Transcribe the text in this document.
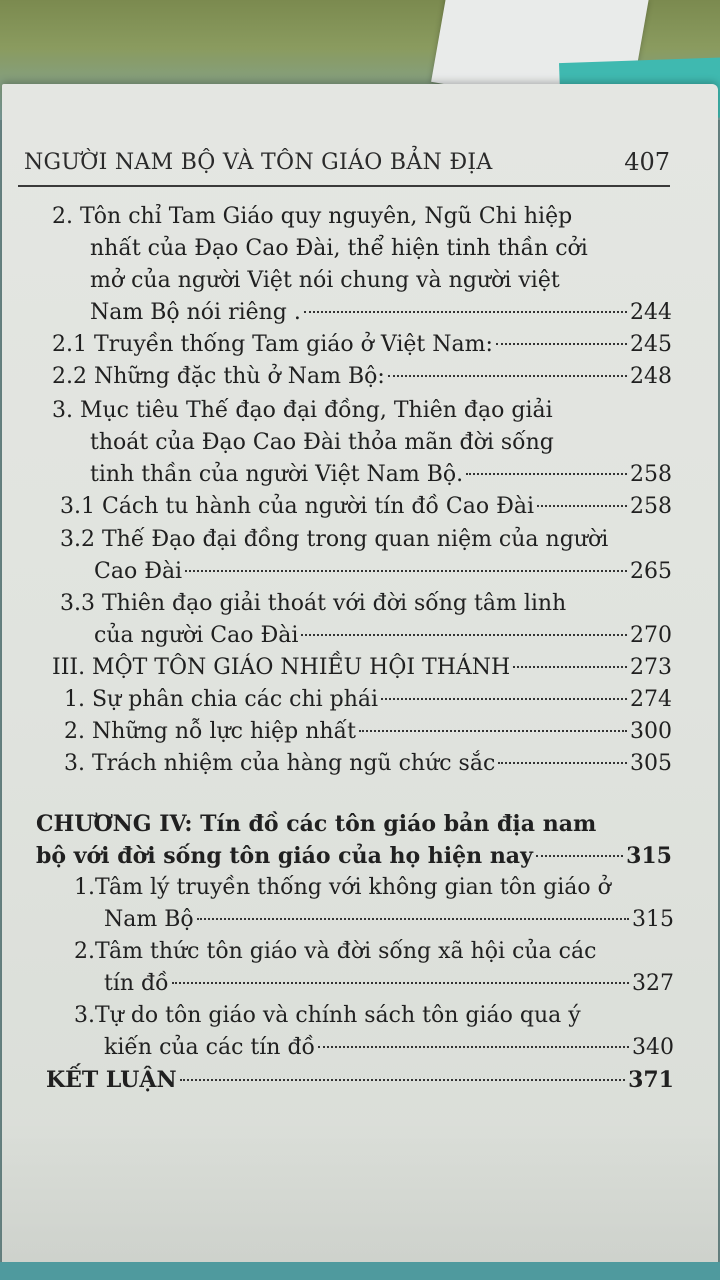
NGƯỜI NAM BỘ VÀ TÔN GIÁO BẢN ĐỊA	407
2. Tôn chỉ Tam Giáo quy nguyên, Ngũ Chi hiệp
nhất của Đạo Cao Đài, thể hiện tinh thần cởi
mở của người Việt nói chung và người việt
Nam Bộ nói riêng .	244
2.1 Truyền thống Tam giáo ở Việt Nam:	245
2.2 Những đặc thù ở Nam Bộ:	248
3. Mục tiêu Thế đạo đại đồng, Thiên đạo giải
thoát của Đạo Cao Đài thỏa mãn đời sống
tinh thần của người Việt Nam Bộ.	258
3.1 Cách tu hành của người tín đồ Cao Đài	258
3.2 Thế Đạo đại đồng trong quan niệm của người
Cao Đài	265
3.3 Thiên đạo giải thoát với đời sống tâm linh
của người Cao Đài	270
III. MỘT TÔN GIÁO NHIỀU HỘI THÁNH	273
1. Sự phân chia các chi phái	274
2. Những nỗ lực hiệp nhất	300
3. Trách nhiệm của hàng ngũ chức sắc	305
CHƯƠNG IV: Tín đồ các tôn giáo bản địa nam
bộ với đời sống tôn giáo của họ hiện nay	315
1.Tâm lý truyền thống với không gian tôn giáo ở
Nam Bộ	315
2.Tâm thức tôn giáo và đời sống xã hội của các
tín đồ	327
3.Tự do tôn giáo và chính sách tôn giáo qua ý
kiến của các tín đồ	340
KẾT LUẬN	371
